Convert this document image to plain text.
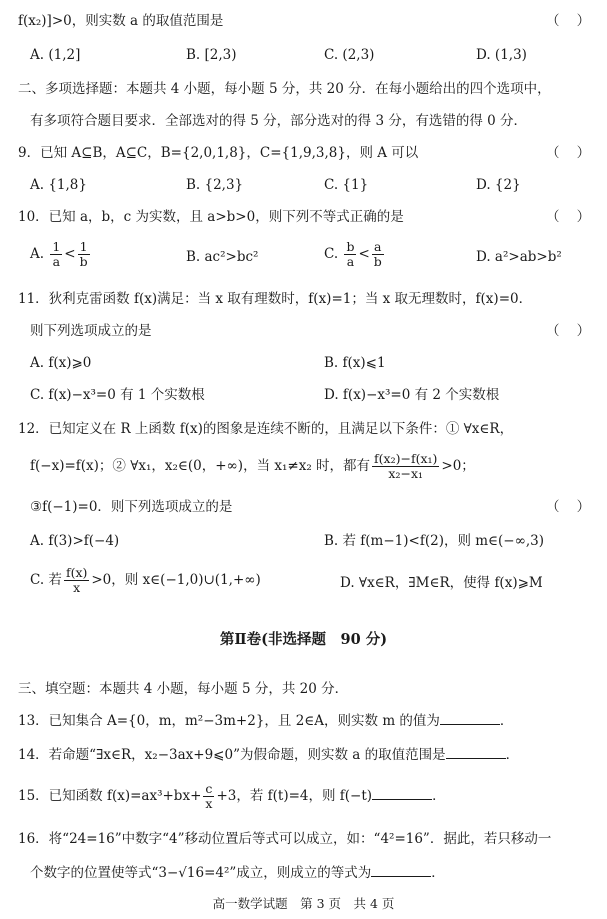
f(x₂)]>0，则实数 a 的取值范围是	（    ）
A. (1,2]	B. [2,3)	C. (2,3)	D. (1,3)
二、多项选择题：本题共 4 小题，每小题 5 分，共 20 分．在每小题给出的四个选项中，
有多项符合题目要求．全部选对的得 5 分，部分选对的得 3 分，有选错的得 0 分．
9．已知 A⊆B，A⊆C，B={2,0,1,8}，C={1,9,3,8}，则 A 可以	（    ）
A. {1,8}	B. {2,3}	C. {1}	D. {2}
10．已知 a，b，c 为实数，且 a>b>0，则下列不等式正确的是	（    ）
A. $\frac{1}{a} < \frac{1}{b}$	B. ac²>bc²	C. $\frac{b}{a} < \frac{a}{b}$	D. a²>ab>b²
11．狄利克雷函数 f(x)满足：当 x 取有理数时，f(x)=1；当 x 取无理数时，f(x)=0．
则下列选项成立的是	（    ）
A. f(x)⩾0	B. f(x)⩽1
C. f(x)−x³=0 有 1 个实数根	D. f(x)−x³=0 有 2 个实数根
12．已知定义在 R 上函数 f(x)的图象是连续不断的，且满足以下条件：① ∀x∈R，
f(−x)=f(x)；② ∀x₁，x₂∈(0，+∞)，当 x₁≠x₂ 时，都有 $\frac{\text{f(x₂)−f(x₁)}}{\text{x₂−x₁}} >0$；
③f(−1)=0．则下列选项成立的是	（    ）
A. f(3)>f(−4)	B. 若 f(m−1)<f(2)，则 m∈(−∞,3)
C. 若 $\frac{f(x)}{x} >0$，则 x∈(−1,0)∪(1,+∞)	D. ∀x∈R，∃M∈R，使得 f(x)⩾M
第Ⅱ卷(非选择题　90 分)
三、填空题：本题共 4 小题，每小题 5 分，共 20 分．
13．已知集合 A={0，m，m²−3m+2}，且 2∈A，则实数 m 的值为	．
14．若命题“∃x∈R，x₂−3ax+9⩽0”为假命题，则实数 a 的取值范围是	．
15．已知函数 $f(x)=ax^3+bx+ \frac{c}{x} +3$，若 f(t)=4，则 f(−t)	．
16．将“24=16”中数字“4”移动位置后等式可以成立，如：“4²=16”．据此，若只移动一
个数字的位置使等式“3−√16=4²”成立，则成立的等式为	．
高一数学试题　第 3 页　共 4 页
